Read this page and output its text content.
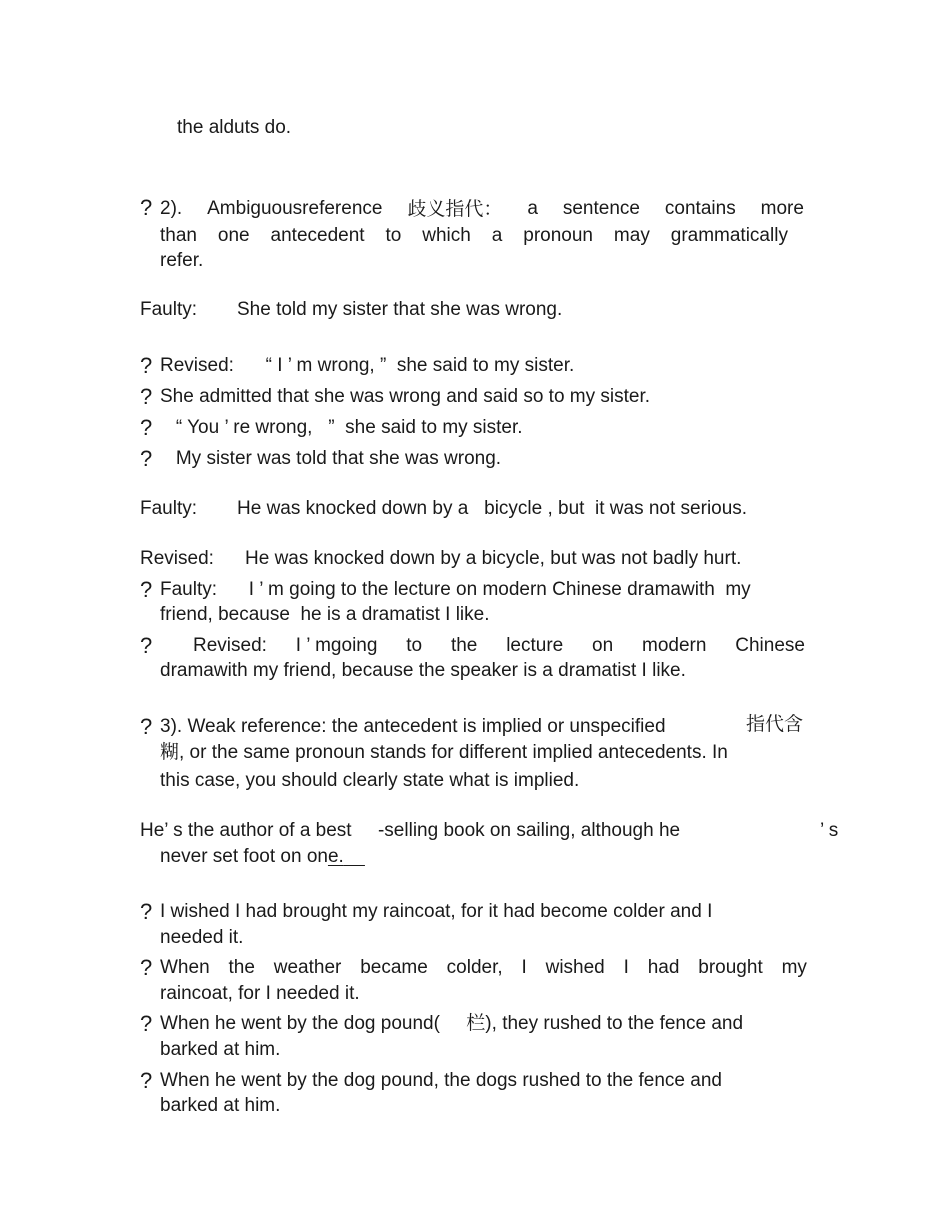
the alduts do.
? 2). Ambiguousreference 歧义指代： a sentence contains more
than one antecedent to which a pronoun may grammatically
refer.
Faulty: She told my sister that she was wrong.
? Revised:      “ I ’ m wrong, ”  she said to my sister.
? She admitted that she was wrong and said so to my sister.
? “ You ’ re wrong,   ”  she said to my sister.
? My sister was told that she was wrong.
Faulty: He was knocked down by a   bicycle , but  it was not serious.
Revised: He was knocked down by a bicycle, but was not badly hurt.
? Faulty:      I ’ m going to the lecture on modern Chinese dramawith  my
friend, because  he is a dramatist I like.
? Revised: I ’ mgoing to the lecture on modern Chinese
dramawith my friend, because the speaker is a dramatist I like.
? 3). Weak reference: the antecedent is implied or unspecified	指代含
糊, or the same pronoun stands for different implied antecedents. In
this case, you should clearly state what is implied.
He’ s the author of a best     -selling book on sailing, although he	’ s
never set foot on one.
? I wished I had brought my raincoat, for it had become colder and I
needed it.
? When the weather became colder, I wished I had brought my
raincoat, for I needed it.
? When he went by the dog pound(     栏), they rushed to the fence and
barked at him.
? When he went by the dog pound, the dogs rushed to the fence and
barked at him.
